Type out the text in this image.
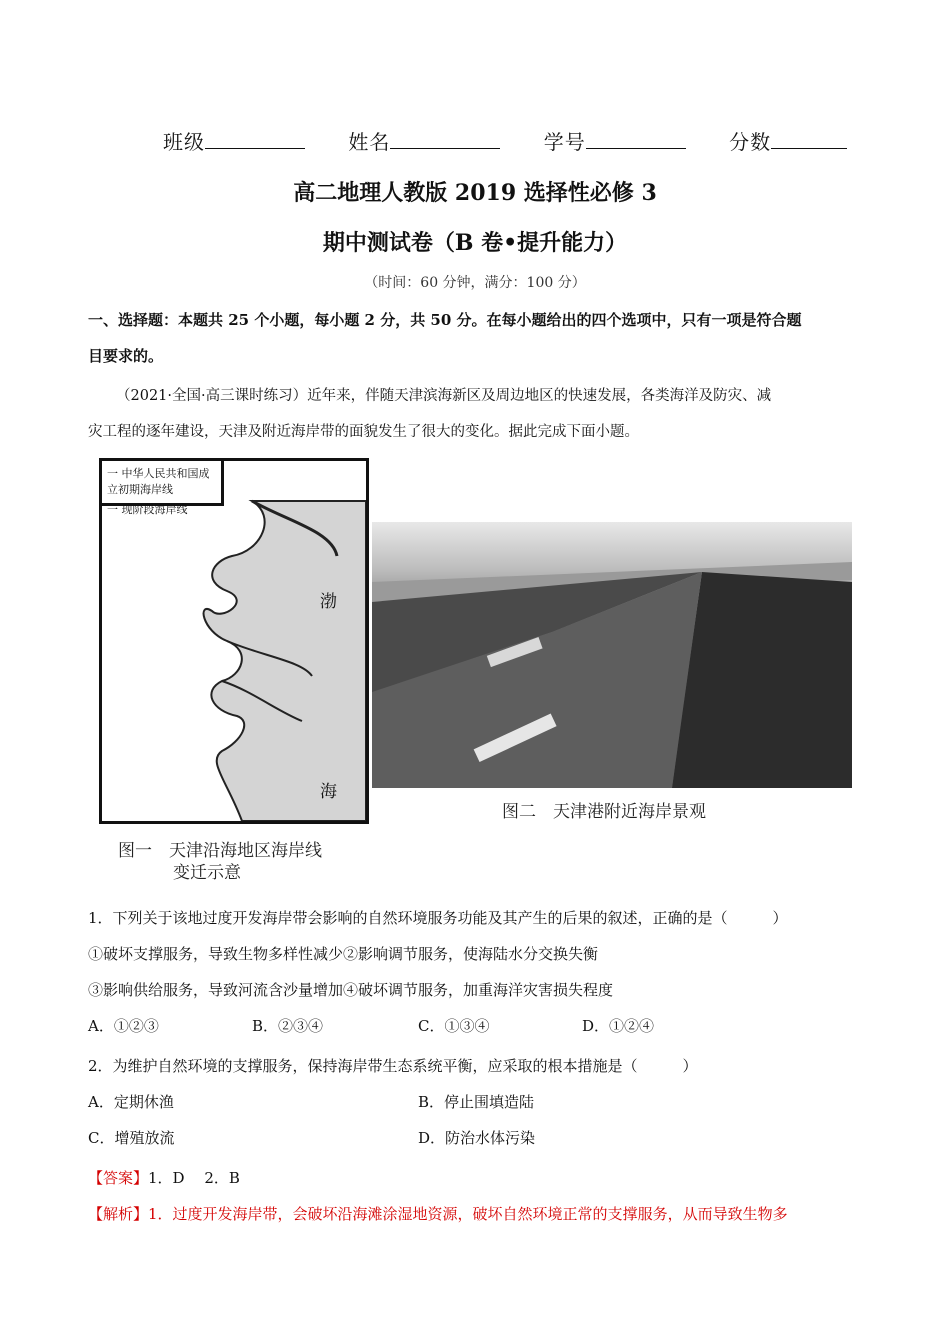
班级	姓名	学号	分数
高二地理人教版 2019 选择性必修 3
期中测试卷（B 卷•提升能力）
（时间：60 分钟，满分：100 分）
一、选择题：本题共 25 个小题，每小题 2 分，共 50 分。在每小题给出的四个选项中，只有一项是符合题
目要求的。
（2021·全国·高三课时练习）近年来，伴随天津滨海新区及周边地区的快速发展，各类海洋及防灾、减
灾工程的逐年建设，天津及附近海岸带的面貌发生了很大的变化。据此完成下面小题。
一 中华人民共和国成立初期海岸线
一 现阶段海岸线
渤
海
图一　天津沿海地区海岸线
变迁示意
图二　天津港附近海岸景观
1．下列关于该地过度开发海岸带会影响的自然环境服务功能及其产生的后果的叙述，正确的是（　　　）
①破坏支撑服务，导致生物多样性减少②影响调节服务，使海陆水分交换失衡
③影响供给服务，导致河流含沙量增加④破坏调节服务，加重海洋灾害损失程度
A．①②③	B．②③④	C．①③④	D．①②④
2．为维护自然环境的支撑服务，保持海岸带生态系统平衡，应采取的根本措施是（　　　）
A．定期休渔	B．停止围填造陆
C．增殖放流	D．防治水体污染
【答案】1．D　 2．B
【解析】1．过度开发海岸带，会破坏沿海滩涂湿地资源，破坏自然环境正常的支撑服务，从而导致生物多
